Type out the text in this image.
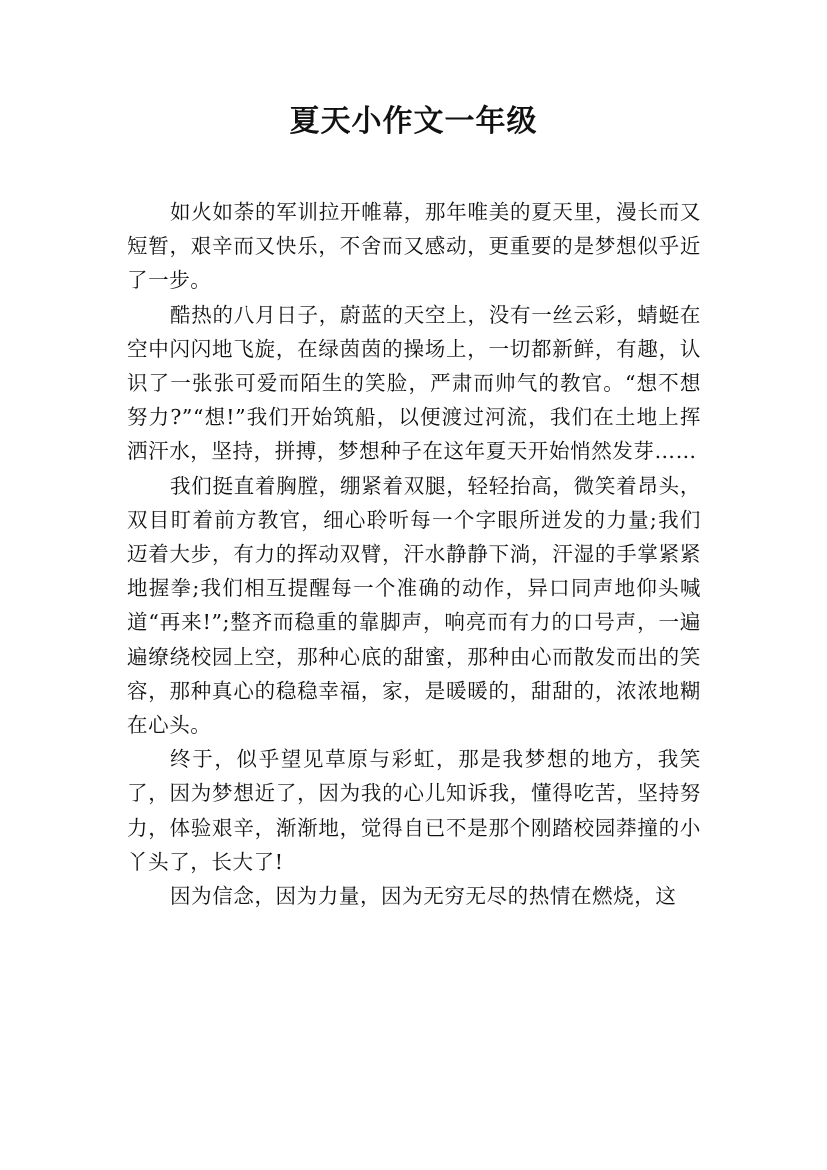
夏天小作文一年级

如火如荼的军训拉开帷幕，那年唯美的夏天里，漫长而又短暂，艰辛而又快乐，不舍而又感动，更重要的是梦想似乎近了一步。

酷热的八月日子，蔚蓝的天空上，没有一丝云彩，蜻蜓在空中闪闪地飞旋，在绿茵茵的操场上，一切都新鲜，有趣，认识了一张张可爱而陌生的笑脸，严肃而帅气的教官。“想不想努力?”“想!”我们开始筑船，以便渡过河流，我们在土地上挥洒汗水，坚持，拼搏，梦想种子在这年夏天开始悄然发芽……

我们挺直着胸膛，绷紧着双腿，轻轻抬高，微笑着昂头，双目盯着前方教官，细心聆听每一个字眼所迸发的力量;我们迈着大步，有力的挥动双臂，汗水静静下淌，汗湿的手掌紧紧地握拳;我们相互提醒每一个准确的动作，异口同声地仰头喊道“再来!”;整齐而稳重的靠脚声，响亮而有力的口号声，一遍遍缭绕校园上空，那种心底的甜蜜，那种由心而散发而出的笑容，那种真心的稳稳幸福，家，是暖暖的，甜甜的，浓浓地糊在心头。

终于，似乎望见草原与彩虹，那是我梦想的地方，我笑了，因为梦想近了，因为我的心儿知诉我，懂得吃苦，坚持努力，体验艰辛，渐渐地，觉得自已不是那个刚踏校园莽撞的小丫头了，长大了!

因为信念，因为力量，因为无穷无尽的热情在燃烧，这
